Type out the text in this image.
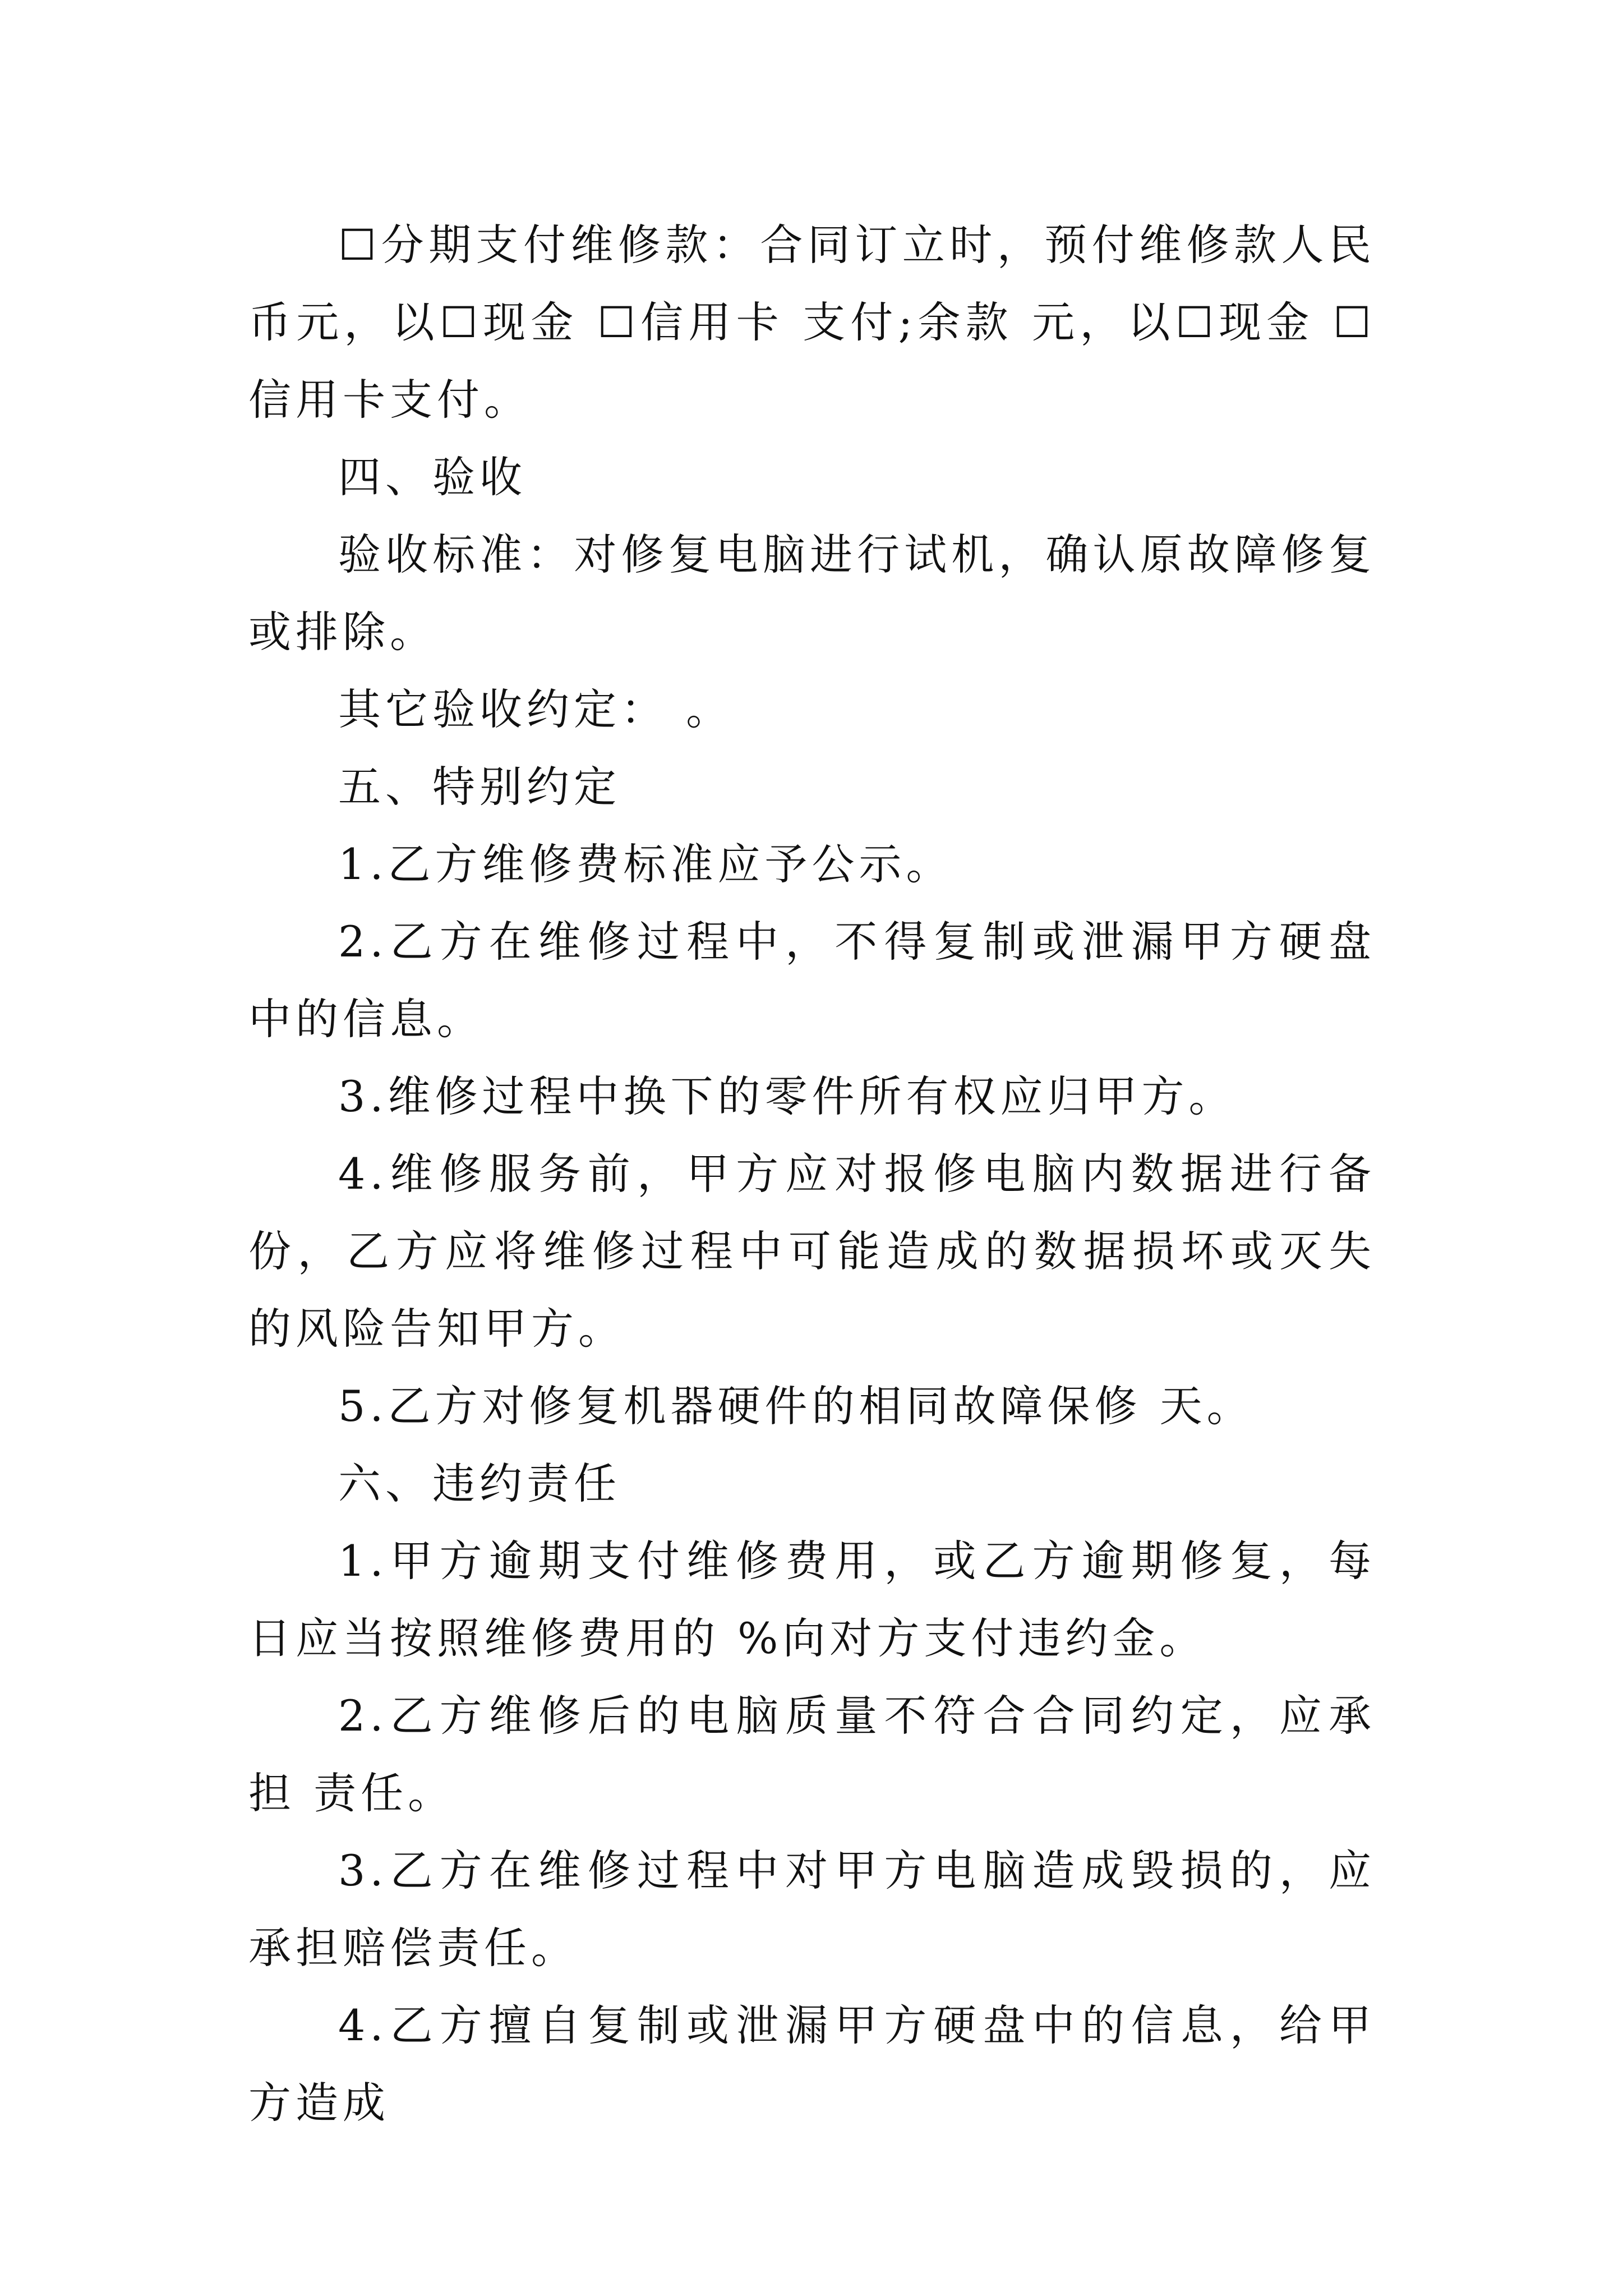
☐分期支付维修款：合同订立时，预付维修款人民币元，以☐现金 ☐信用卡 支付;余款 元，以☐现金 ☐信用卡支付。

四、验收

验收标准：对修复电脑进行试机，确认原故障修复或排除。

其它验收约定： 。

五、特别约定

1.乙方维修费标准应予公示。

2.乙方在维修过程中，不得复制或泄漏甲方硬盘中的信息。

3.维修过程中换下的零件所有权应归甲方。

4.维修服务前，甲方应对报修电脑内数据进行备份，乙方应将维修过程中可能造成的数据损坏或灭失的风险告知甲方。

5.乙方对修复机器硬件的相同故障保修 天。

六、违约责任

1.甲方逾期支付维修费用，或乙方逾期修复，每日应当按照维修费用的 %向对方支付违约金。

2.乙方维修后的电脑质量不符合合同约定，应承担 责任。

3.乙方在维修过程中对甲方电脑造成毁损的，应承担赔偿责任。

4.乙方擅自复制或泄漏甲方硬盘中的信息，给甲方造成
